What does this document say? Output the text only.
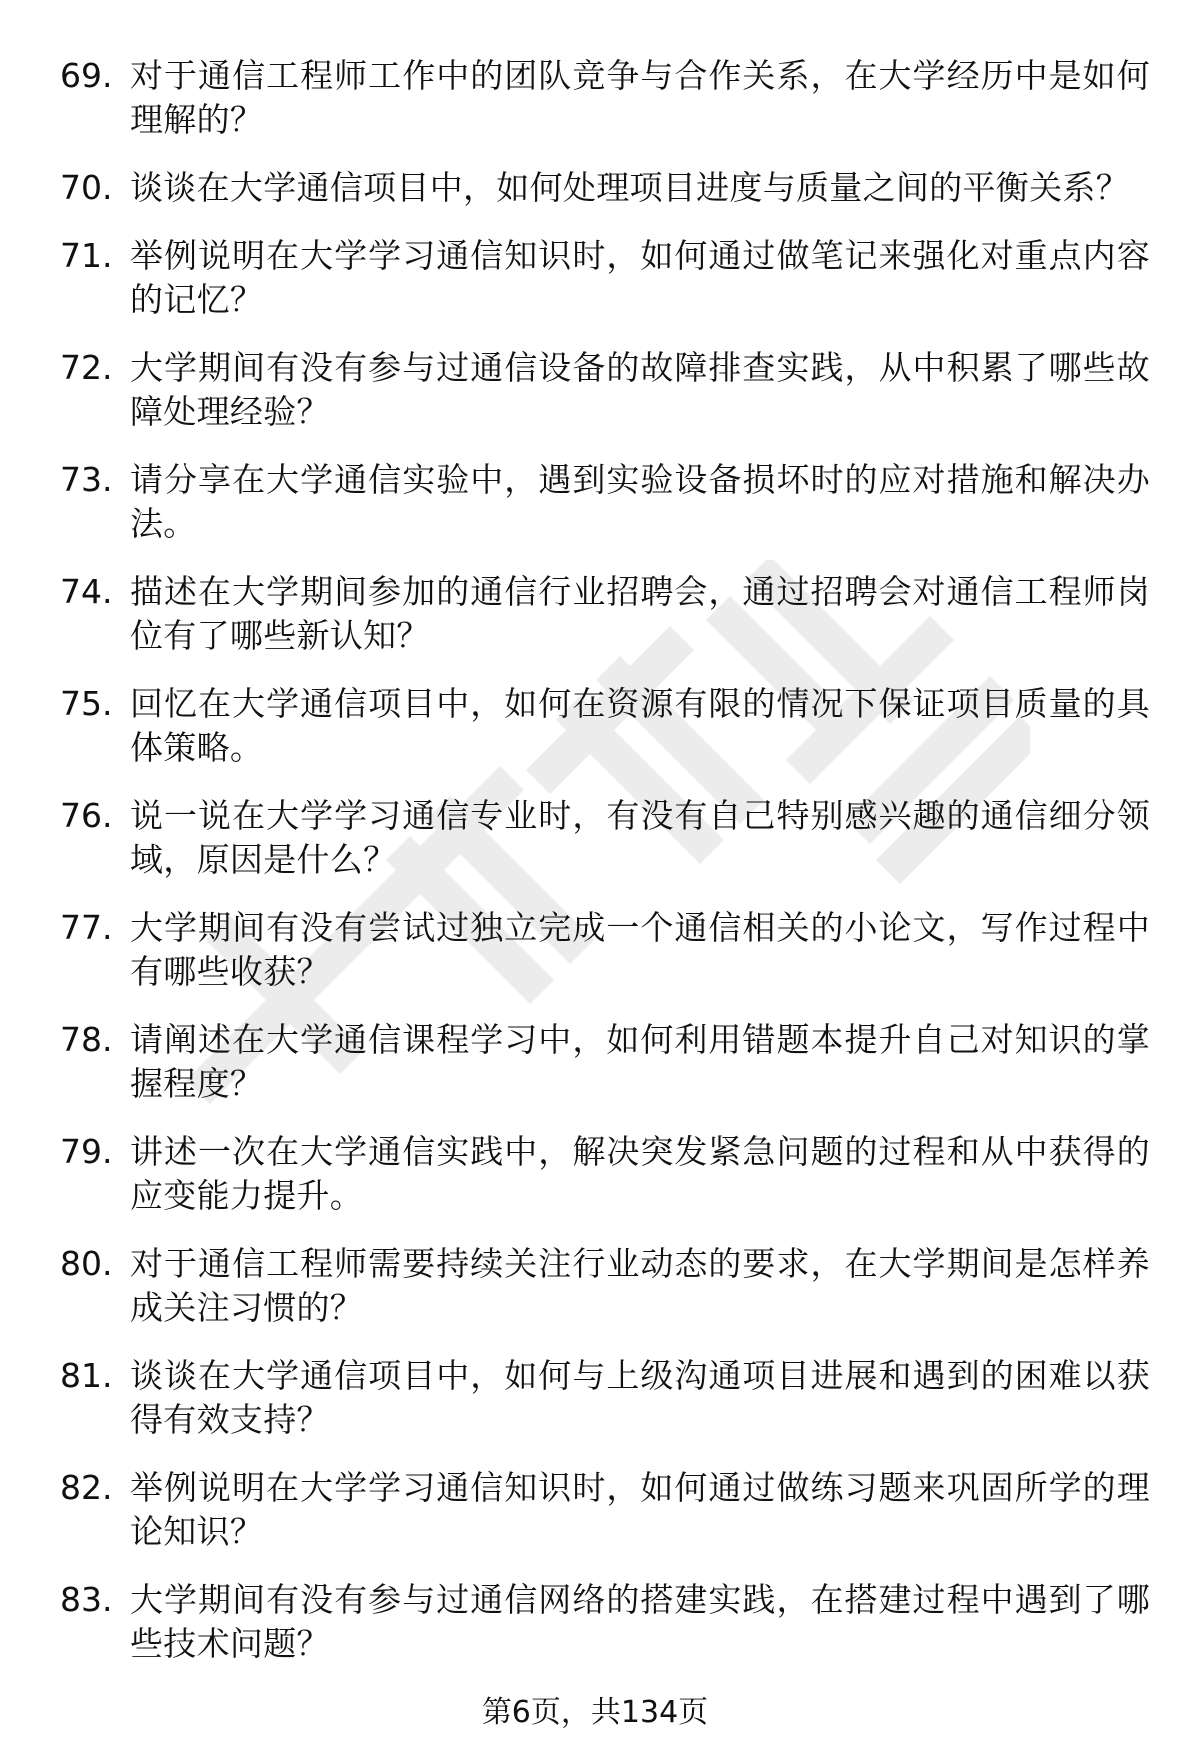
69. 对于通信工程师工作中的团队竞争与合作关系，在大学经历中是如何理解的？
70. 谈谈在大学通信项目中，如何处理项目进度与质量之间的平衡关系？
71. 举例说明在大学学习通信知识时，如何通过做笔记来强化对重点内容的记忆？
72. 大学期间有没有参与过通信设备的故障排查实践，从中积累了哪些故障处理经验？
73. 请分享在大学通信实验中，遇到实验设备损坏时的应对措施和解决办法。
74. 描述在大学期间参加的通信行业招聘会，通过招聘会对通信工程师岗位有了哪些新认知？
75. 回忆在大学通信项目中，如何在资源有限的情况下保证项目质量的具体策略。
76. 说一说在大学学习通信专业时，有没有自己特别感兴趣的通信细分领域，原因是什么？
77. 大学期间有没有尝试过独立完成一个通信相关的小论文，写作过程中有哪些收获？
78. 请阐述在大学通信课程学习中，如何利用错题本提升自己对知识的掌握程度？
79. 讲述一次在大学通信实践中，解决突发紧急问题的过程和从中获得的应变能力提升。
80. 对于通信工程师需要持续关注行业动态的要求，在大学期间是怎样养成关注习惯的？
81. 谈谈在大学通信项目中，如何与上级沟通项目进展和遇到的困难以获得有效支持？
82. 举例说明在大学学习通信知识时，如何通过做练习题来巩固所学的理论知识？
83. 大学期间有没有参与过通信网络的搭建实践，在搭建过程中遇到了哪些技术问题？
第6页，共134页
